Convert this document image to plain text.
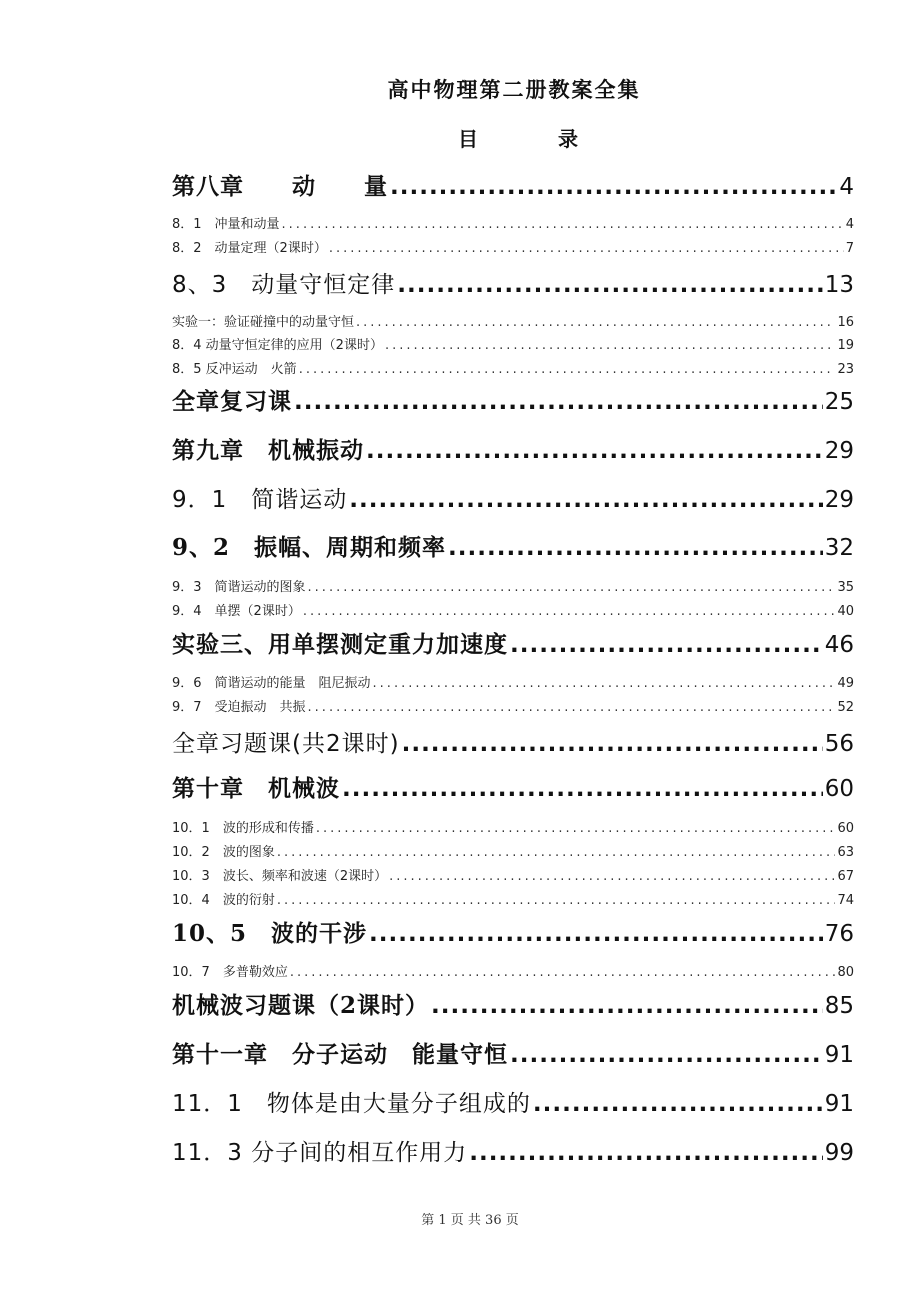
高中物理第二册教案全集
目	录
第八章　　动　　量 .....	4
8．1　冲量和动量 .....	4
8．2　动量定理（2课时） .....	7
8、3　动量守恒定律 .....	13
实验一：验证碰撞中的动量守恒 .....	16
8．4 动量守恒定律的应用（2课时） .....	19
8．5 反冲运动　火箭 .....	23
全章复习课 .....	25
第九章　机械振动 .....	29
9．1　简谐运动 .....	29
9、2　振幅、周期和频率 .....	32
9．3　简谐运动的图象 .....	35
9．4　单摆（2课时） .....	40
实验三、用单摆测定重力加速度 .....	46
9．6　简谐运动的能量　阻尼振动 .....	49
9．7　受迫振动　共振 .....	52
全章习题课(共2课时) .....	56
第十章　机械波 .....	60
10．1　波的形成和传播 .....	60
10．2　波的图象 .....	63
10．3　波长、频率和波速（2课时） .....	67
10．4　波的衍射 .....	74
10、5　波的干涉 .....	76
10．7　多普勒效应 .....	80
机械波习题课（2课时） .....	85
第十一章　分子运动　能量守恒 .....	91
11．1　物体是由大量分子组成的 .....	91
11．3 分子间的相互作用力 .....	99
第 1 页 共 36 页
